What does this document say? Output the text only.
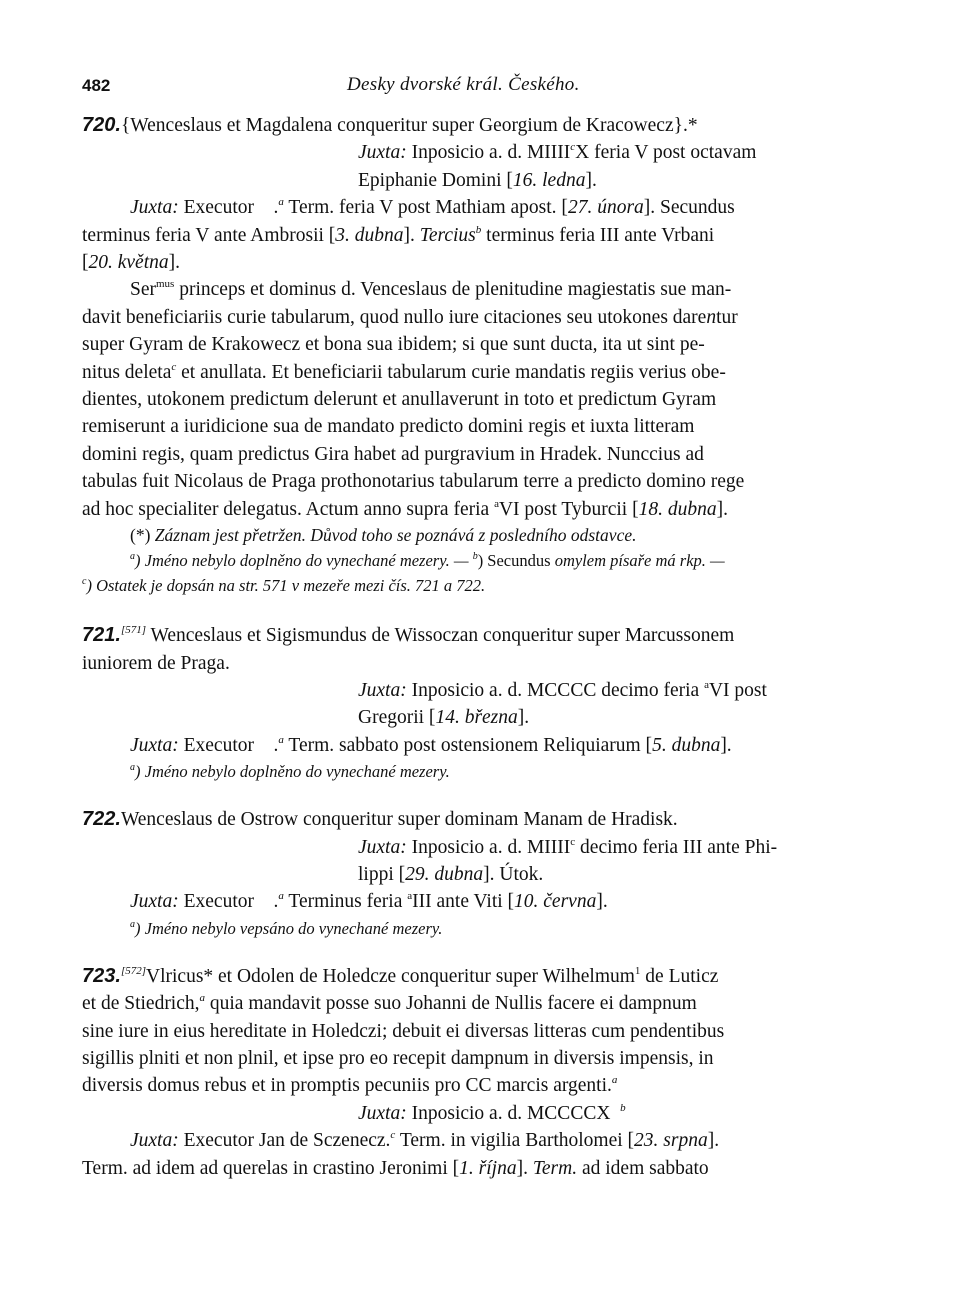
482	Desky dvorské král. Českého.

720.{Wenceslaus et Magdalena conqueritur super Georgium de Kracowecz}.*

Juxta: Inposicio a. d. MIIII$^c$X feria V post octavam

Epiphanie Domini [16. ledna].

Juxta: Executor .$^a$ Term. feria V post Mathiam apost. [27. února]. Secundus

terminus feria V ante Ambrosii [3. dubna]. Tercius$^b$ terminus feria III ante Vrbani

[20. května].

Ser$^{mus}$ princeps et dominus d. Venceslaus de plenitudine magiestatis sue man-

davit beneficiariis curie tabularum, quod nullo iure citaciones seu utokones darentur

super Gyram de Krakowecz et bona sua ibidem; si que sunt ducta, ita ut sint pe-

nitus deleta$^c$ et anullata. Et beneficiarii tabularum curie mandatis regiis verius obe-

dientes, utokonem predictum delerunt et anullaverunt in toto et predictum Gyram

remiserunt a iuridicione sua de mandato predicto domini regis et iuxta litteram

domini regis, quam predictus Gira habet ad purgravium in Hradek. Nunccius ad

tabulas fuit Nicolaus de Praga prothonotarius tabularum terre a predicto domino rege

ad hoc specialiter delegatus. Actum anno supra feria $^a$VI post Tyburcii [18. dubna].

(*) Záznam jest přetržen. Důvod toho se poznává z posledního odstavce.

$^a$) Jméno nebylo doplněno do vynechané mezery. — $^b$) Secundus omylem písaře má rkp. —

$^c$) Ostatek je dopsán na str. 571 v mezeře mezi čís. 721 a 722.

721.[571] Wenceslaus et Sigismundus de Wissoczan conqueritur super Marcussonem

iuniorem de Praga.

Juxta: Inposicio a. d. MCCCC decimo feria $^a$VI post

Gregorii [14. března].

Juxta: Executor    .$^a$ Term. sabbato post ostensionem Reliquiarum [5. dubna].

$^a$) Jméno nebylo doplněno do vynechané mezery.

722.Wenceslaus de Ostrow conqueritur super dominam Manam de Hradisk.

Juxta: Inposicio a. d. MIIII$^c$ decimo feria III ante Phi-

lippi [29. dubna]. Útok.

Juxta: Executor    .$^a$ Terminus feria $^a$III ante Viti [10. června].

$^a$) Jméno nebylo vepsáno do vynechané mezery.

723.[572]Vlricus* et Odolen de Holedcze conqueritur super Wilhelmum$^1$ de Luticz

et de Stiedrich,$^a$ quia mandavit posse suo Johanni de Nullis facere ei dampnum

sine iure in eius hereditate in Holedczi; debuit ei diversas litteras cum pendentibus

sigillis plniti et non plnil, et ipse pro eo recepit dampnum in diversis impensis, in

diversis domus rebus et in promptis pecuniis pro CC marcis argenti.$^a$

Juxta: Inposicio a. d. MCCCCX $^b$

Juxta: Executor Jan de Sczenecz.$^c$ Term. in vigilia Bartholomei [23. srpna].

Term. ad idem ad querelas in crastino Jeronimi [1. října]. Term. ad idem sabbato
